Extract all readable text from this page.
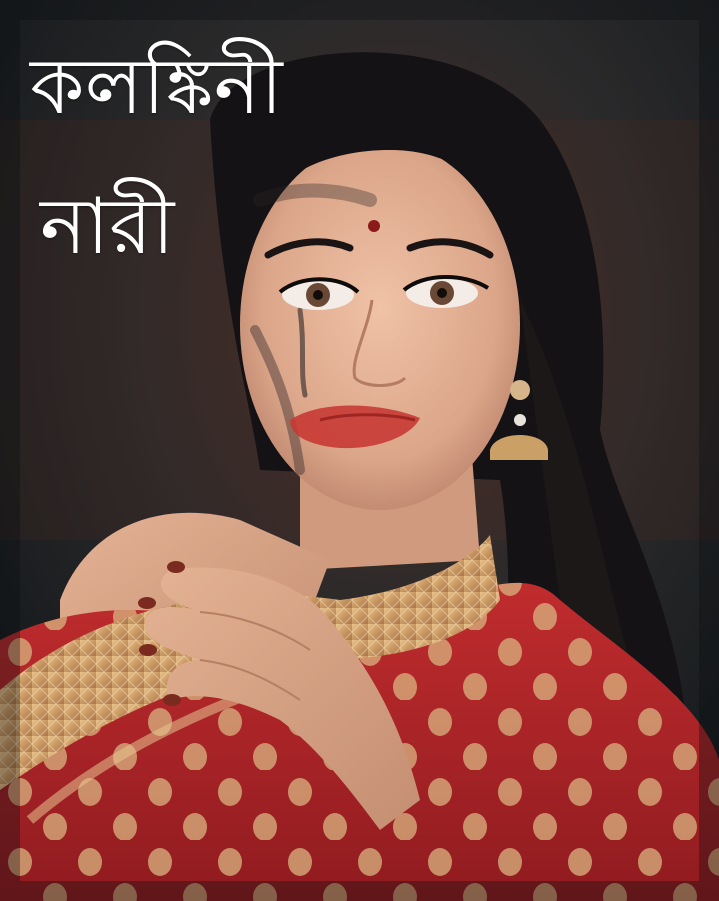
কলঙ্কিনী
নারী
